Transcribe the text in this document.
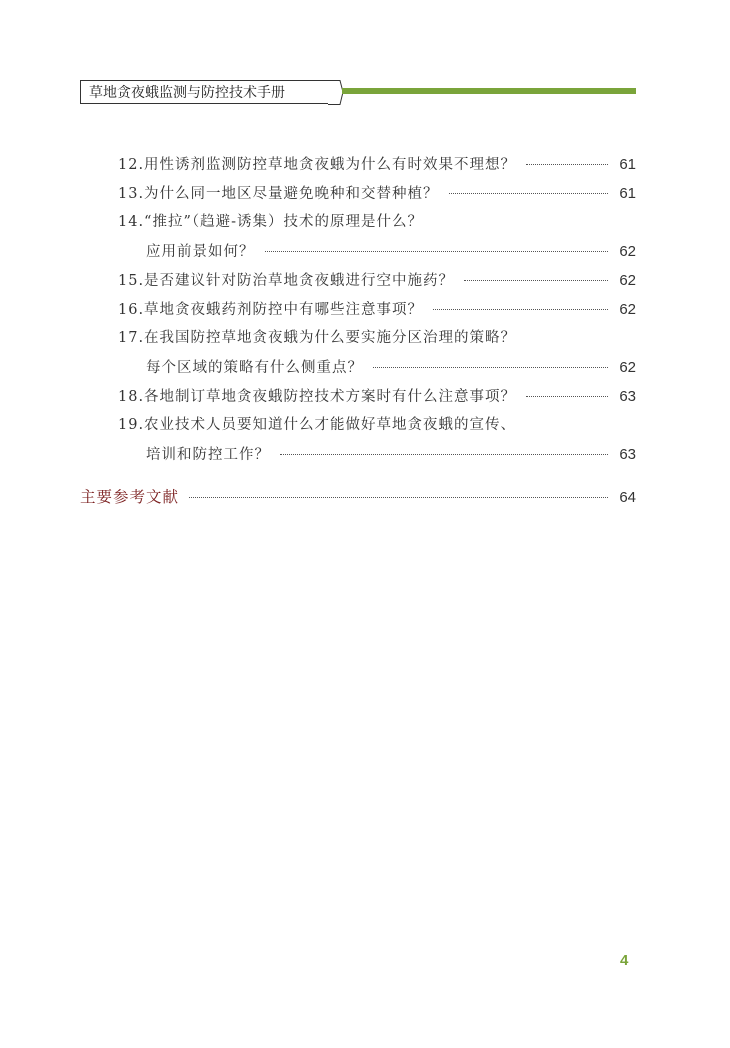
草地贪夜蛾监测与防控技术手册
12.用性诱剂监测防控草地贪夜蛾为什么有时效果不理想？	61
13.为什么同一地区尽量避免晚种和交替种植？	61
14.“推拉”（趋避-诱集）技术的原理是什么？
应用前景如何？	62
15.是否建议针对防治草地贪夜蛾进行空中施药？	62
16.草地贪夜蛾药剂防控中有哪些注意事项？	62
17.在我国防控草地贪夜蛾为什么要实施分区治理的策略？
每个区域的策略有什么侧重点？	62
18.各地制订草地贪夜蛾防控技术方案时有什么注意事项？	63
19.农业技术人员要知道什么才能做好草地贪夜蛾的宣传、
培训和防控工作？	63
主要参考文献	64
4
